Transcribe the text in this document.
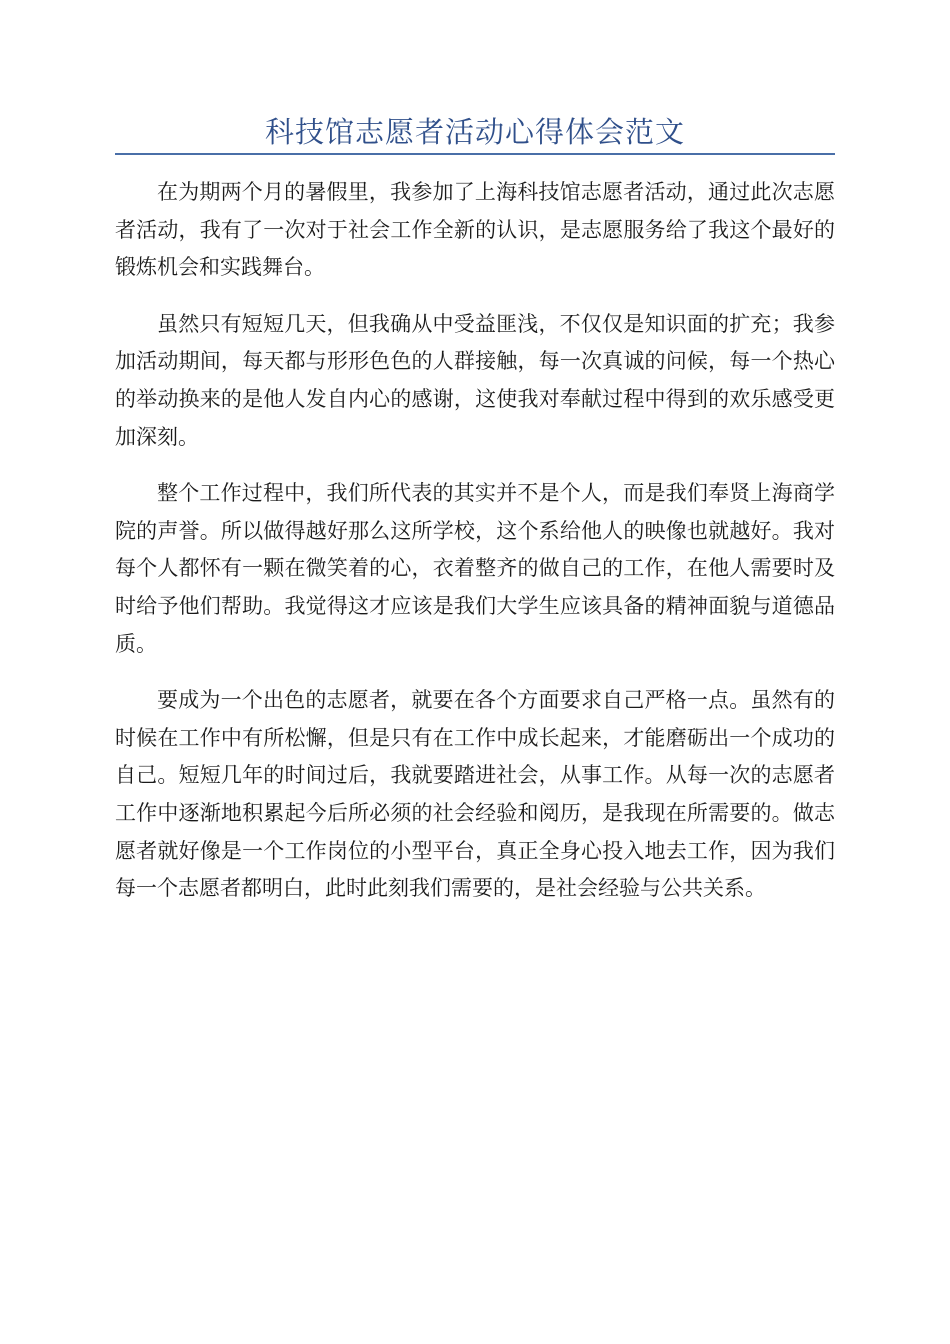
科技馆志愿者活动心得体会范文

在为期两个月的暑假里，我参加了上海科技馆志愿者活动，通过此次志愿者活动，我有了一次对于社会工作全新的认识，是志愿服务给了我这个最好的锻炼机会和实践舞台。

虽然只有短短几天，但我确从中受益匪浅，不仅仅是知识面的扩充；我参加活动期间，每天都与形形色色的人群接触，每一次真诚的问候，每一个热心的举动换来的是他人发自内心的感谢，这使我对奉献过程中得到的欢乐感受更加深刻。

整个工作过程中，我们所代表的其实并不是个人，而是我们奉贤上海商学院的声誉。所以做得越好那么这所学校，这个系给他人的映像也就越好。我对每个人都怀有一颗在微笑着的心，衣着整齐的做自己的工作，在他人需要时及时给予他们帮助。我觉得这才应该是我们大学生应该具备的精神面貌与道德品质。

要成为一个出色的志愿者，就要在各个方面要求自己严格一点。虽然有的时候在工作中有所松懈，但是只有在工作中成长起来，才能磨砺出一个成功的自己。短短几年的时间过后，我就要踏进社会，从事工作。从每一次的志愿者工作中逐渐地积累起今后所必须的社会经验和阅历，是我现在所需要的。做志愿者就好像是一个工作岗位的小型平台，真正全身心投入地去工作，因为我们每一个志愿者都明白，此时此刻我们需要的，是社会经验与公共关系。
